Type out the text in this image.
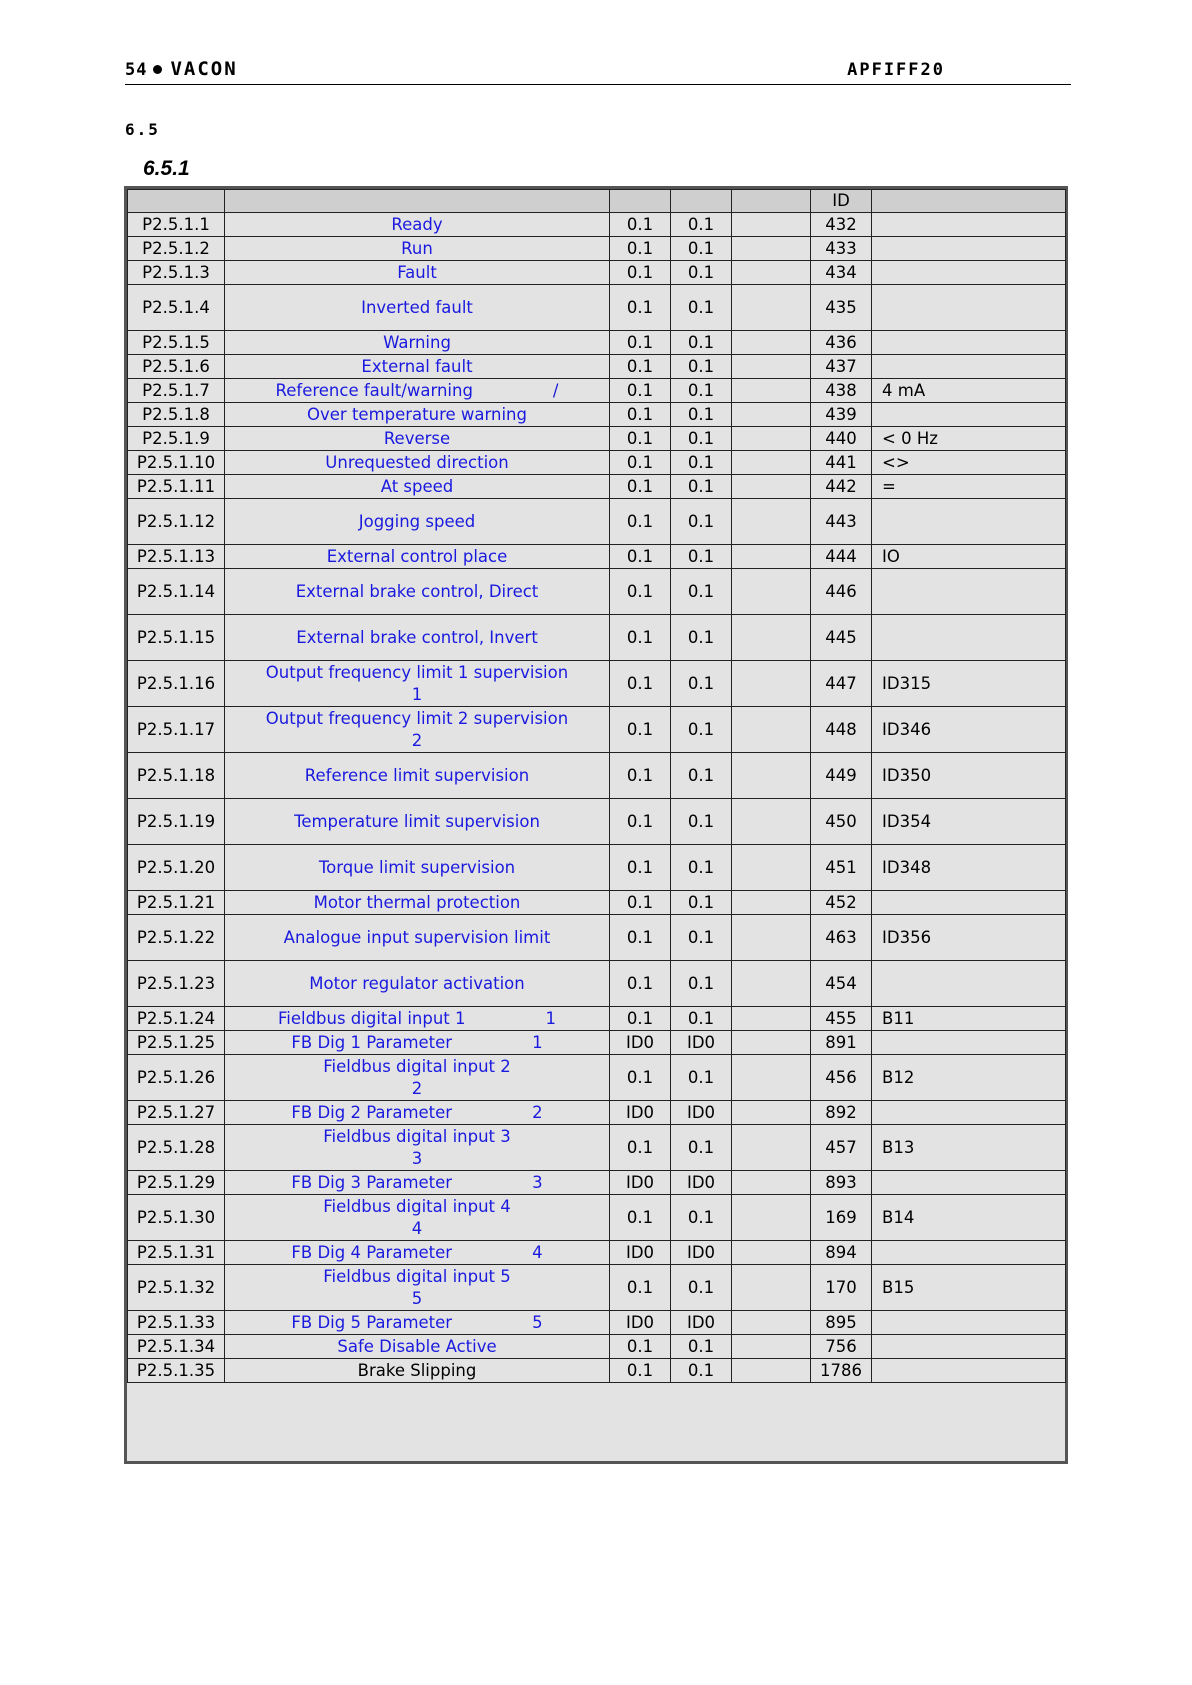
54 VACON	APFIFF20
6.5
6.5.1
					ID	
P2.5.1.1	Ready	0.1	0.1		432	
P2.5.1.2	Run	0.1	0.1		433	
P2.5.1.3	Fault	0.1	0.1		434	
P2.5.1.4	Inverted fault	0.1	0.1		435	
P2.5.1.5	Warning	0.1	0.1		436	
P2.5.1.6	External fault	0.1	0.1		437	
P2.5.1.7	Reference fault/warning /	0.1	0.1		438	4 mA
P2.5.1.8	Over temperature warning	0.1	0.1		439	
P2.5.1.9	Reverse	0.1	0.1		440	< 0 Hz
P2.5.1.10	Unrequested direction	0.1	0.1		441	<>
P2.5.1.11	At speed	0.1	0.1		442	=
P2.5.1.12	Jogging speed	0.1	0.1		443	
P2.5.1.13	External control place	0.1	0.1		444	IO
P2.5.1.14	External brake control, Direct	0.1	0.1		446	
P2.5.1.15	External brake control, Invert	0.1	0.1		445	
P2.5.1.16	Output frequency limit 1 supervision
1	0.1	0.1		447	ID315
P2.5.1.17	Output frequency limit 2 supervision
2	0.1	0.1		448	ID346
P2.5.1.18	Reference limit supervision	0.1	0.1		449	ID350
P2.5.1.19	Temperature limit supervision	0.1	0.1		450	ID354
P2.5.1.20	Torque limit supervision	0.1	0.1		451	ID348
P2.5.1.21	Motor thermal protection	0.1	0.1		452	
P2.5.1.22	Analogue input supervision limit	0.1	0.1		463	ID356
P2.5.1.23	Motor regulator activation	0.1	0.1		454	
P2.5.1.24	Fieldbus digital input 1 1	0.1	0.1		455	B11
P2.5.1.25	FB Dig 1 Parameter 1	ID0	ID0		891	
P2.5.1.26	Fieldbus digital input 2
2	0.1	0.1		456	B12
P2.5.1.27	FB Dig 2 Parameter 2	ID0	ID0		892	
P2.5.1.28	Fieldbus digital input 3
3	0.1	0.1		457	B13
P2.5.1.29	FB Dig 3 Parameter 3	ID0	ID0		893	
P2.5.1.30	Fieldbus digital input 4
4	0.1	0.1		169	B14
P2.5.1.31	FB Dig 4 Parameter 4	ID0	ID0		894	
P2.5.1.32	Fieldbus digital input 5
5	0.1	0.1		170	B15
P2.5.1.33	FB Dig 5 Parameter 5	ID0	ID0		895	
P2.5.1.34	Safe Disable Active	0.1	0.1		756	
P2.5.1.35	Brake Slipping	0.1	0.1		1786	
